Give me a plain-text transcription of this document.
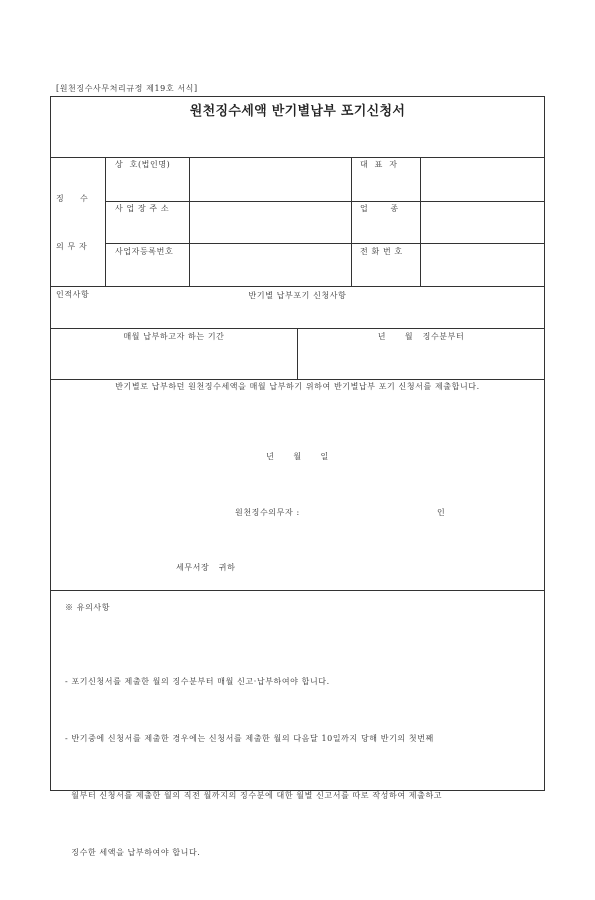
[원천징수사무처리규정 제19호 서식]
원천징수세액 반기별납부 포기신청서

징     수

의 무 자

인적사항

상  호(법인명)	대  표  자
사 업 장 주 소	업       종
사업자등록번호	전 화 번 호
반기별 납부포기 신청사항
매월 납부하고자 하는 기간	년      월   징수분부터
반기별로 납부하던 원천징수세액을 매월 납부하기 위하여 반기별납부 포기 신청서를 제출합니다.
년      월      일
원천징수의무자 :	인
세무서장   귀하
※ 유의사항

- 포기신청서를 제출한 월의 징수분부터 매월 신고·납부하여야 합니다.

- 반기중에 신청서를 제출한 경우에는 신청서를 제출한 월의 다음달 10일까지 당해 반기의 첫번째

월부터 신청서를 제출한 월의 직전 월까지의 징수분에 대한 월별 신고서를 따로 작성하여 제출하고

징수한 세액을 납부하여야 합니다.
